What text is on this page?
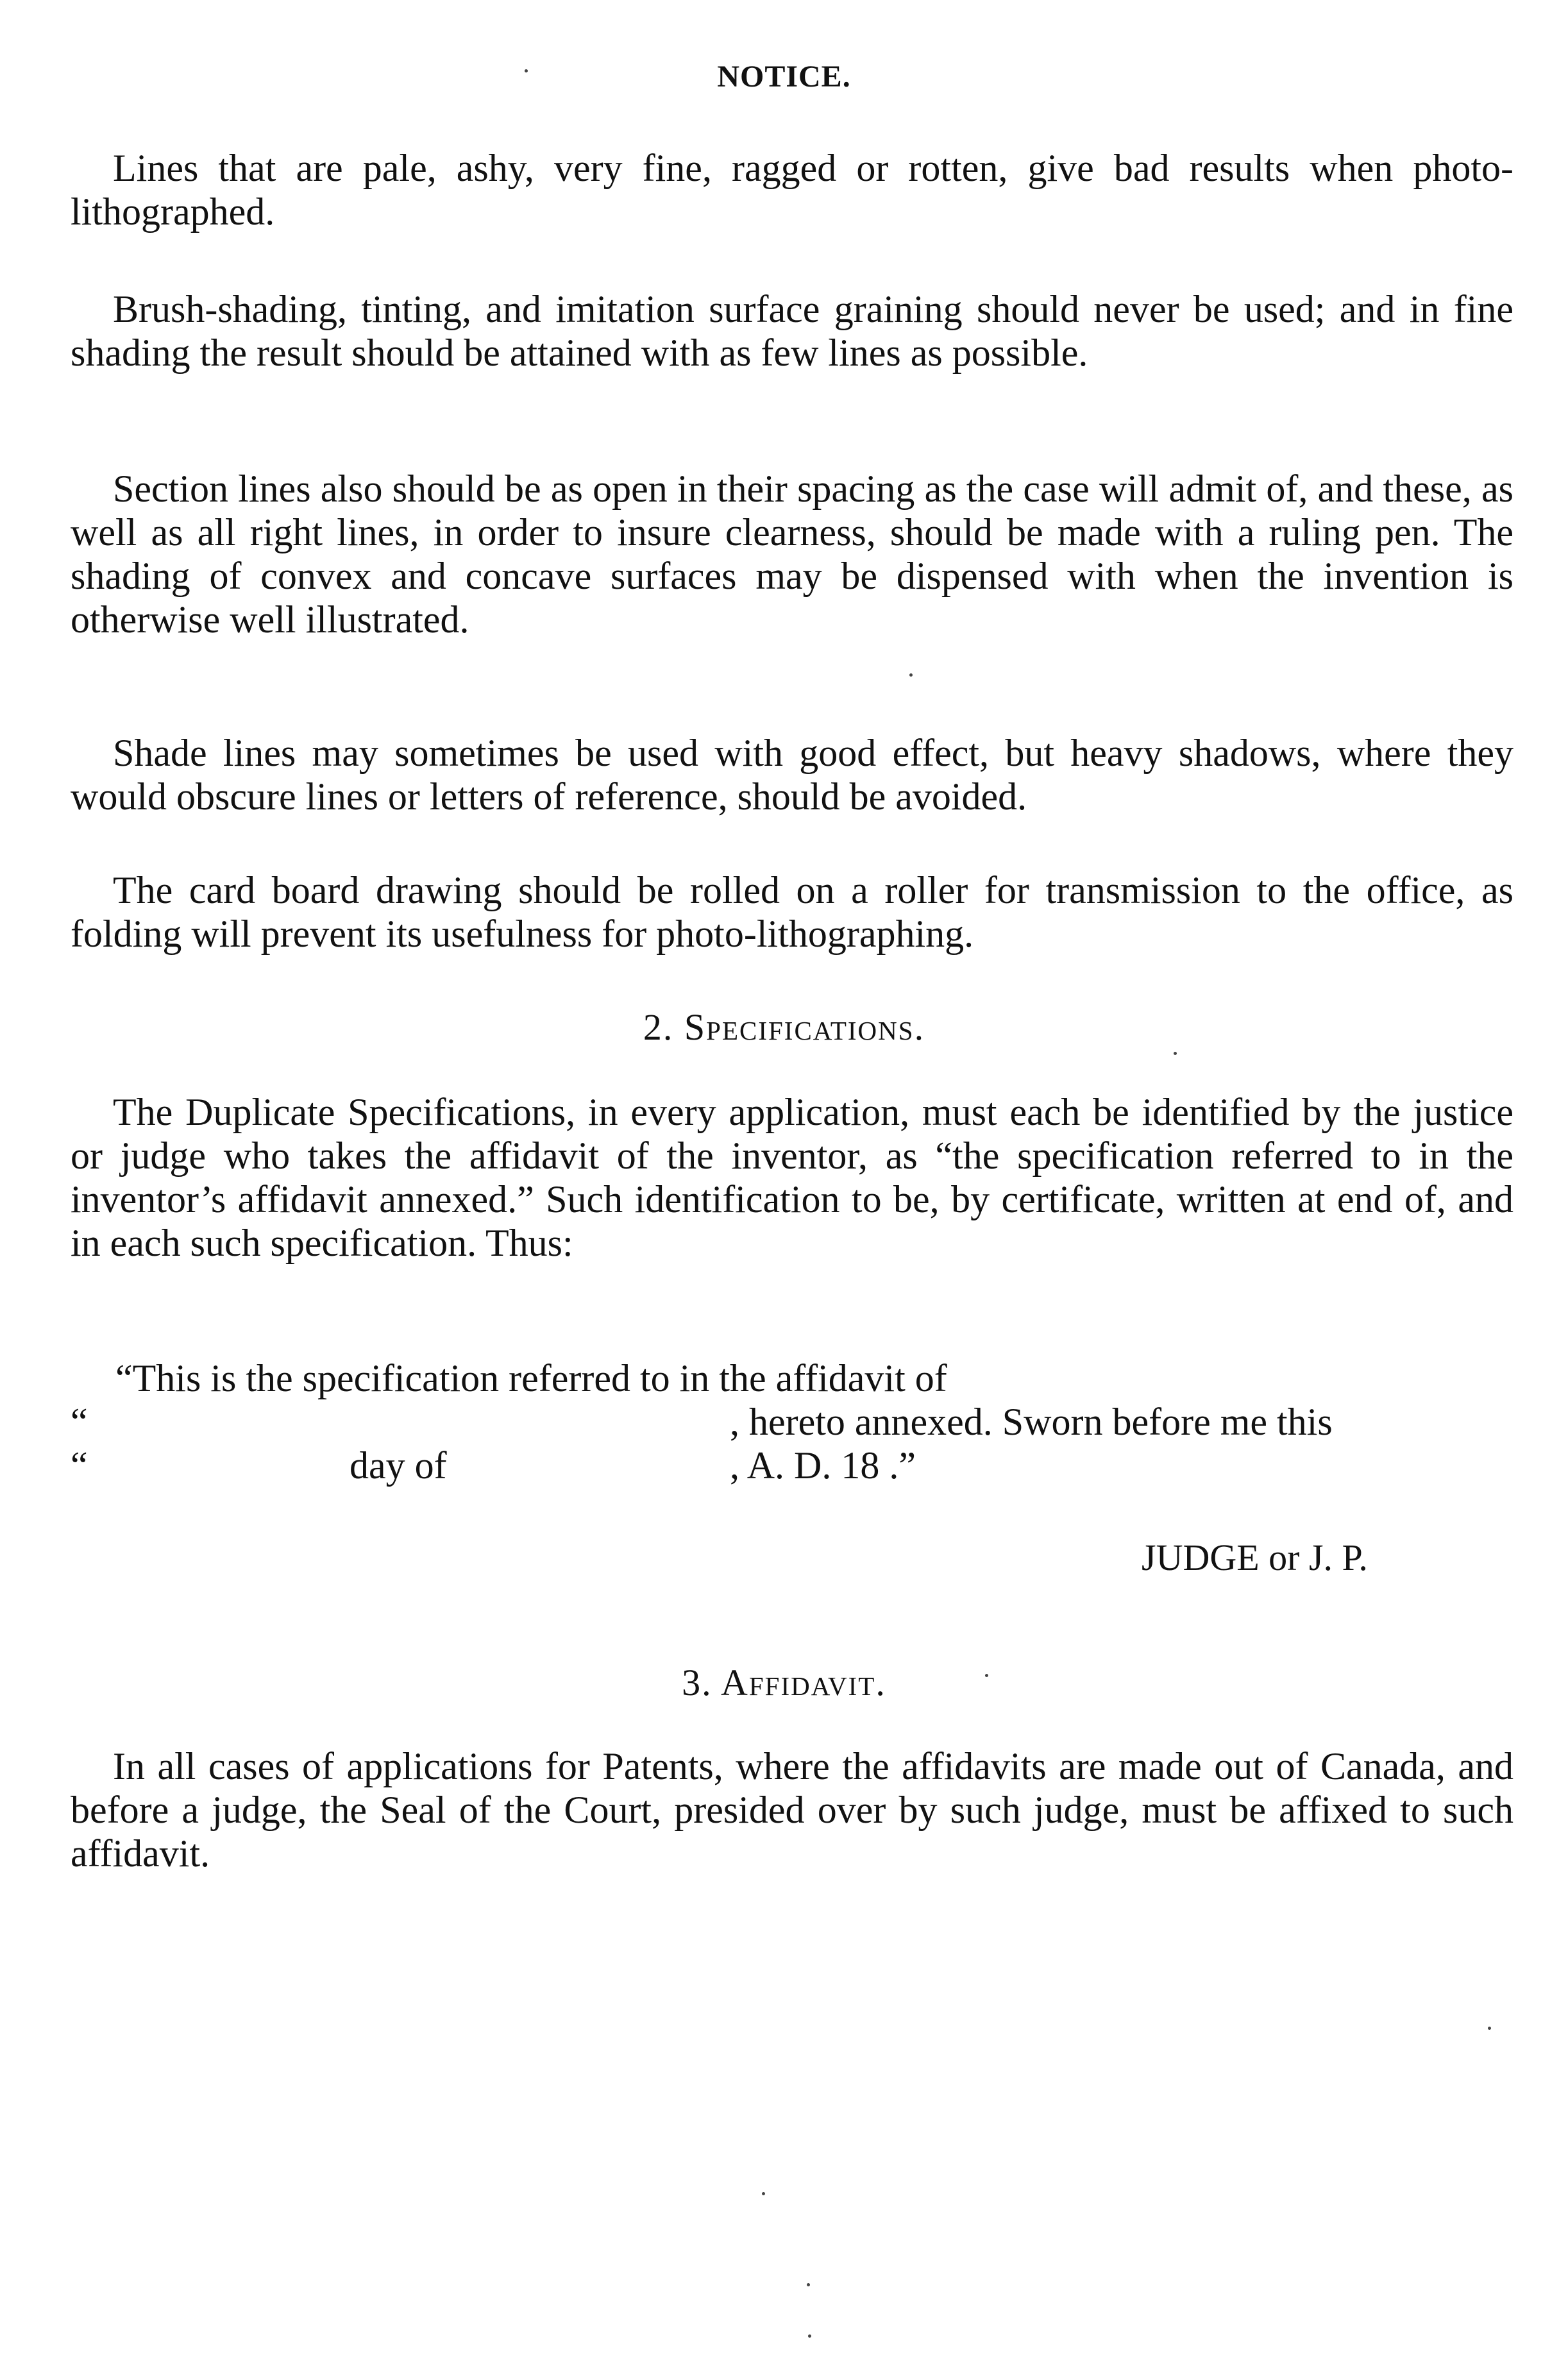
NOTICE.

Lines that are pale, ashy, very fine, ragged or rotten, give bad results when photo-lithographed.

Brush-shading, tinting, and imitation surface graining should never be used; and in fine shading the result should be attained with as few lines as possible.

Section lines also should be as open in their spacing as the case will admit of, and these, as well as all right lines, in order to insure clearness, should be made with a ruling pen. The shading of convex and concave surfaces may be dispensed with when the invention is otherwise well illustrated.

Shade lines may sometimes be used with good effect, but heavy shadows, where they would obscure lines or letters of reference, should be avoided.

The card board drawing should be rolled on a roller for transmission to the office, as folding will prevent its usefulness for photo-lithographing.

2. Specifications.

The Duplicate Specifications, in every application, must each be identified by the justice or judge who takes the affidavit of the inventor, as “the specification referred to in the inventor’s affidavit annexed.” Such identification to be, by certificate, written at end of, and in each such specification. Thus:

“This is the specification referred to in the affidavit of
“	, hereto annexed. Sworn before me this
“	day of	, A. D. 18 .”
JUDGE or J. P.
3. Affidavit.

In all cases of applications for Patents, where the affidavits are made out of Canada, and before a judge, the Seal of the Court, presided over by such judge, must be affixed to such affidavit.
